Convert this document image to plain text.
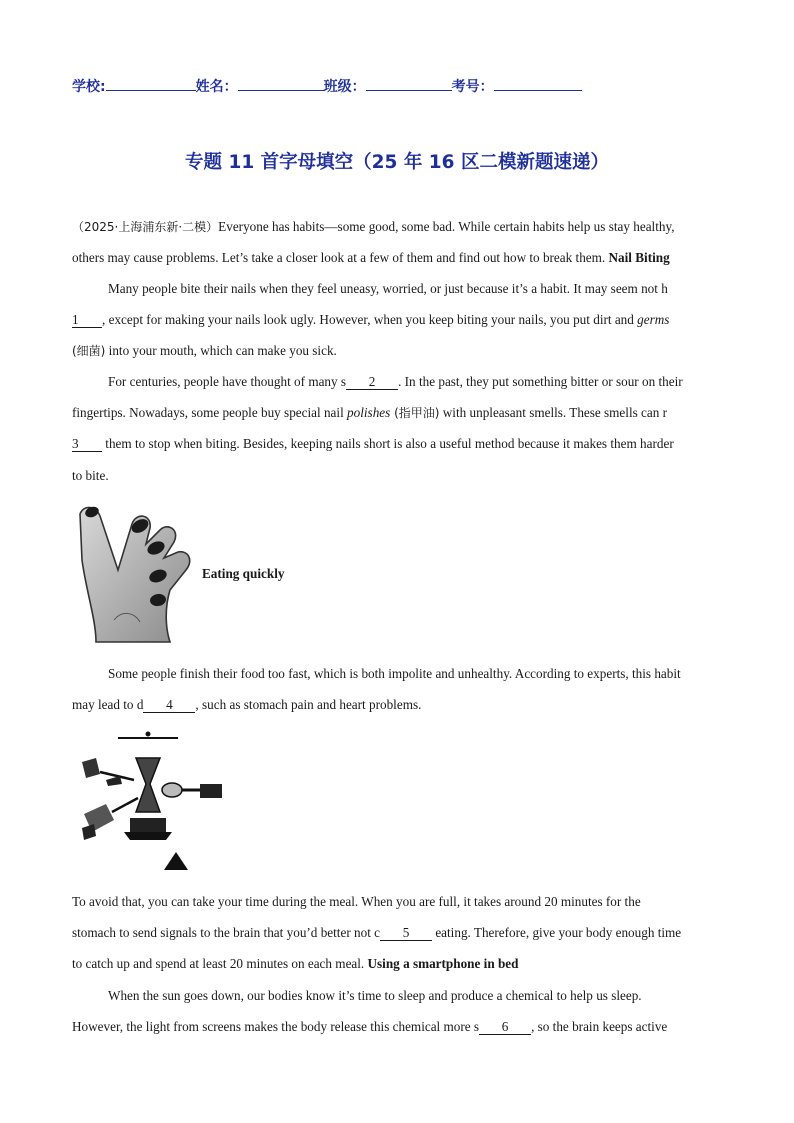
学校:	姓名：	班级：	考号：
专题 11 首字母填空（25 年 16 区二模新题速递）
（2025·上海浦东新·二模）Everyone has habits—some good, some bad. While certain habits help us stay healthy,
others may cause problems. Let’s take a closer look at a few of them and find out how to break them. Nail Biting
Many people bite their nails when they feel uneasy, worried, or just because it’s a habit. It may seem not h
1 , except for making your nails look ugly. However, when you keep biting your nails, you put dirt and germs
(细菌) into your mouth, which can make you sick.
For centuries, people have thought of many s 2 . In the past, they put something bitter or sour on their
fingertips. Nowadays, some people buy special nail polishes (指甲油) with unpleasant smells. These smells can r
3 them to stop when biting. Besides, keeping nails short is also a useful method because it makes them harder
to bite.
Eating quickly
Some people finish their food too fast, which is both impolite and unhealthy. According to experts, this habit
may lead to d 4 , such as stomach pain and heart problems.
To avoid that, you can take your time during the meal. When you are full, it takes around 20 minutes for the
stomach to send signals to the brain that you’d better not c 5 eating. Therefore, give your body enough time
to catch up and spend at least 20 minutes on each meal. Using a smartphone in bed
When the sun goes down, our bodies know it’s time to sleep and produce a chemical to help us sleep.
However, the light from screens makes the body release this chemical more s 6 , so the brain keeps active
